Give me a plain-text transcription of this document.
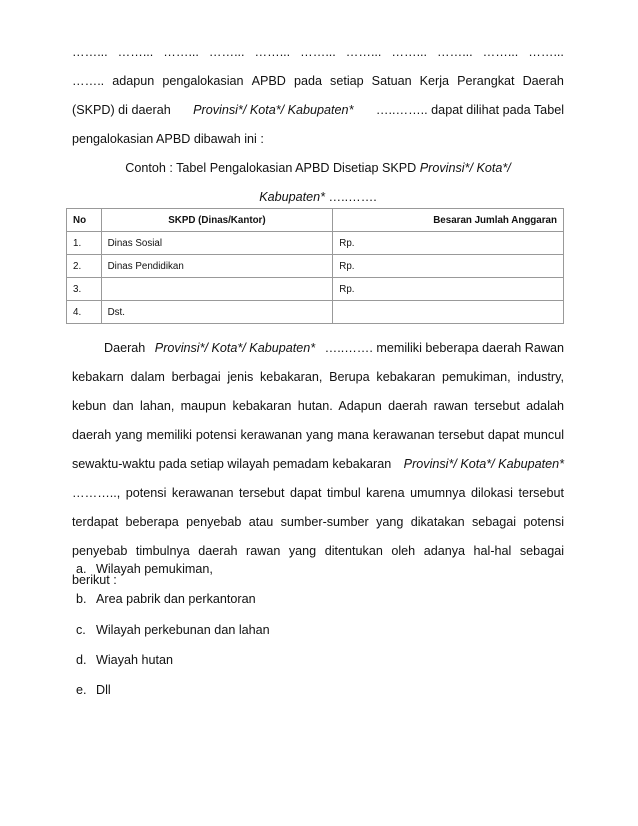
……... ……... ……... ……... ……... ……... ……... ……... ……... ……... ……...
…….. adapun pengalokasian APBD pada setiap Satuan Kerja Perangkat Daerah
(SKPD) di daerah Provinsi*/ Kota*/ Kabupaten* …..…….. dapat dilihat pada Tabel
pengalokasian APBD dibawah ini :
Contoh : Tabel Pengalokasian APBD Disetiap SKPD Provinsi*/ Kota*/
Kabupaten* …..…….
No	SKPD (Dinas/Kantor)	Besaran Jumlah Anggaran
1.	Dinas Sosial	Rp.
2.	Dinas Pendidikan	Rp.
3.		Rp.
4.	Dst.	
Daerah Provinsi*/ Kota*/ Kabupaten* …..……. memiliki beberapa daerah Rawan
kebakarn dalam berbagai jenis kebakaran, Berupa kebakaran pemukiman, industry,
kebun dan lahan, maupun kebakaran hutan. Adapun daerah rawan tersebut adalah
daerah yang memiliki potensi kerawanan yang mana kerawanan tersebut dapat muncul
sewaktu-waktu pada setiap wilayah pemadam kebakaran Provinsi*/ Kota*/ Kabupaten*
……….., potensi kerawanan tersebut dapat timbul karena umumnya dilokasi tersebut
terdapat beberapa penyebab atau sumber-sumber yang dikatakan sebagai potensi
penyebab timbulnya daerah rawan yang ditentukan oleh adanya hal-hal sebagai
berikut :
a. Wilayah pemukiman,
b. Area pabrik dan perkantoran
c. Wilayah perkebunan dan lahan
d. Wiayah hutan
e. Dll
